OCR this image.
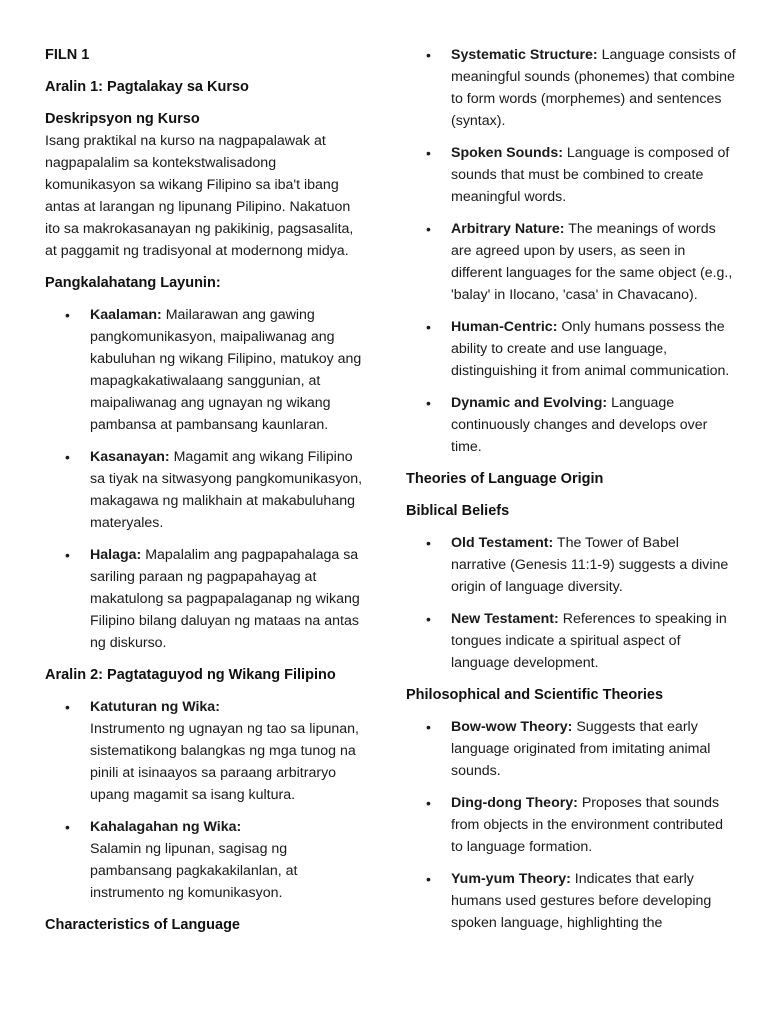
FILN 1
Aralin 1: Pagtalakay sa Kurso
Deskripsyon ng Kurso
Isang praktikal na kurso na nagpapalawak at nagpapalalim sa kontekstwalisadong komunikasyon sa wikang Filipino sa iba't ibang antas at larangan ng lipunang Pilipino. Nakatuon ito sa makrokasanayan ng pakikinig, pagsasalita, at paggamit ng tradisyonal at modernong midya.
Pangkalahatang Layunin:
• Kaalaman: Mailarawan ang gawing pangkomunikasyon, maipaliwanag ang kabuluhan ng wikang Filipino, matukoy ang mapagkakatiwalaang sanggunian, at maipaliwanag ang ugnayan ng wikang pambansa at pambansang kaunlaran.
• Kasanayan: Magamit ang wikang Filipino sa tiyak na sitwasyong pangkomunikasyon, makagawa ng malikhain at makabuluhang materyales.
• Halaga: Mapalalim ang pagpapahalaga sa sariling paraan ng pagpapahayag at makatulong sa pagpapalaganap ng wikang Filipino bilang daluyan ng mataas na antas ng diskurso.
Aralin 2: Pagtataguyod ng Wikang Filipino
• Katuturan ng Wika:
Instrumento ng ugnayan ng tao sa lipunan, sistematikong balangkas ng mga tunog na pinili at isinaayos sa paraang arbitraryo upang magamit sa isang kultura.
• Kahalagahan ng Wika:
Salamin ng lipunan, sagisag ng pambansang pagkakakilanlan, at instrumento ng komunikasyon.
Characteristics of Language
• Systematic Structure: Language consists of meaningful sounds (phonemes) that combine to form words (morphemes) and sentences (syntax).
• Spoken Sounds: Language is composed of sounds that must be combined to create meaningful words.
• Arbitrary Nature: The meanings of words are agreed upon by users, as seen in different languages for the same object (e.g., 'balay' in Ilocano, 'casa' in Chavacano).
• Human-Centric: Only humans possess the ability to create and use language, distinguishing it from animal communication.
• Dynamic and Evolving: Language continuously changes and develops over time.
Theories of Language Origin
Biblical Beliefs
• Old Testament: The Tower of Babel narrative (Genesis 11:1-9) suggests a divine origin of language diversity.
• New Testament: References to speaking in tongues indicate a spiritual aspect of language development.
Philosophical and Scientific Theories
• Bow-wow Theory: Suggests that early language originated from imitating animal sounds.
• Ding-dong Theory: Proposes that sounds from objects in the environment contributed to language formation.
• Yum-yum Theory: Indicates that early humans used gestures before developing spoken language, highlighting the
